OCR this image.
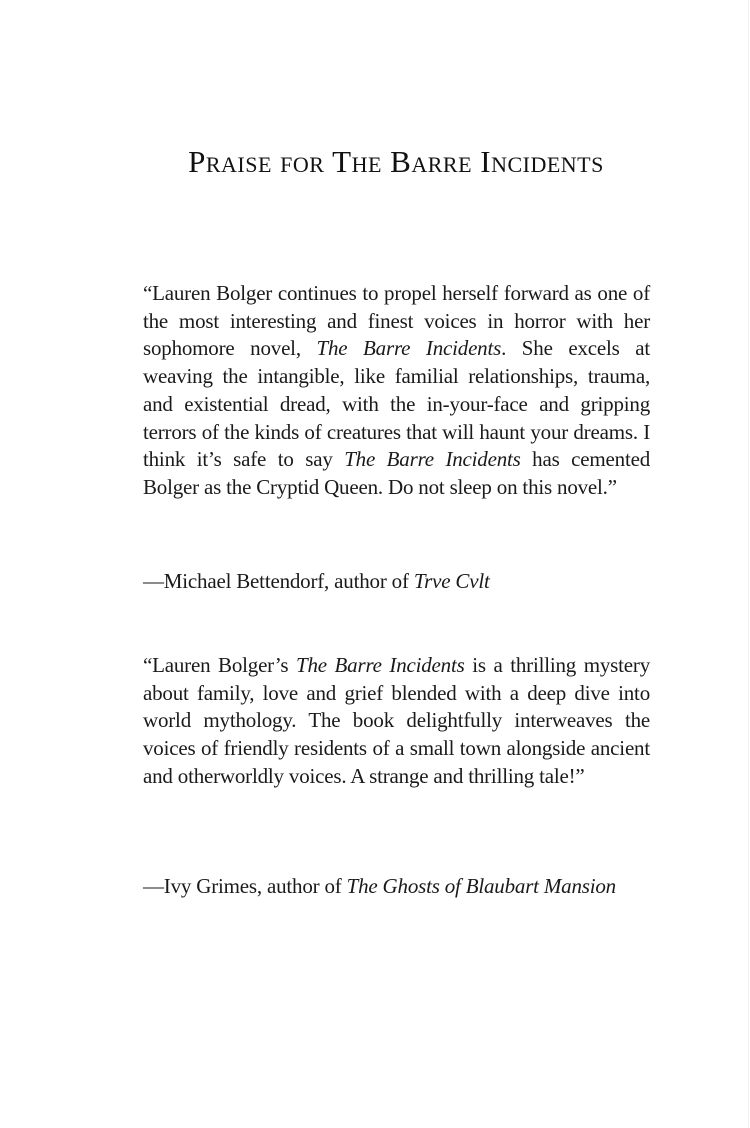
Praise for The Barre Incidents

“Lauren Bolger continues to propel herself forward as one of the most interesting and finest voices in horror with her sophomore novel, The Barre Incidents. She excels at weaving the intangible, like familial relationships, trauma, and existential dread, with the in-your-face and gripping terrors of the kinds of creatures that will haunt your dreams. I think it’s safe to say The Barre Incidents has cemented Bolger as the Cryptid Queen. Do not sleep on this novel.”

—Michael Bettendorf, author of Trve Cvlt

“Lauren Bolger’s The Barre Incidents is a thrilling mystery about family, love and grief blended with a deep dive into world mythology. The book delightfully interweaves the voices of friendly residents of a small town alongside ancient and otherworldly voices. A strange and thrilling tale!”

—Ivy Grimes, author of The Ghosts of Blaubart Mansion
